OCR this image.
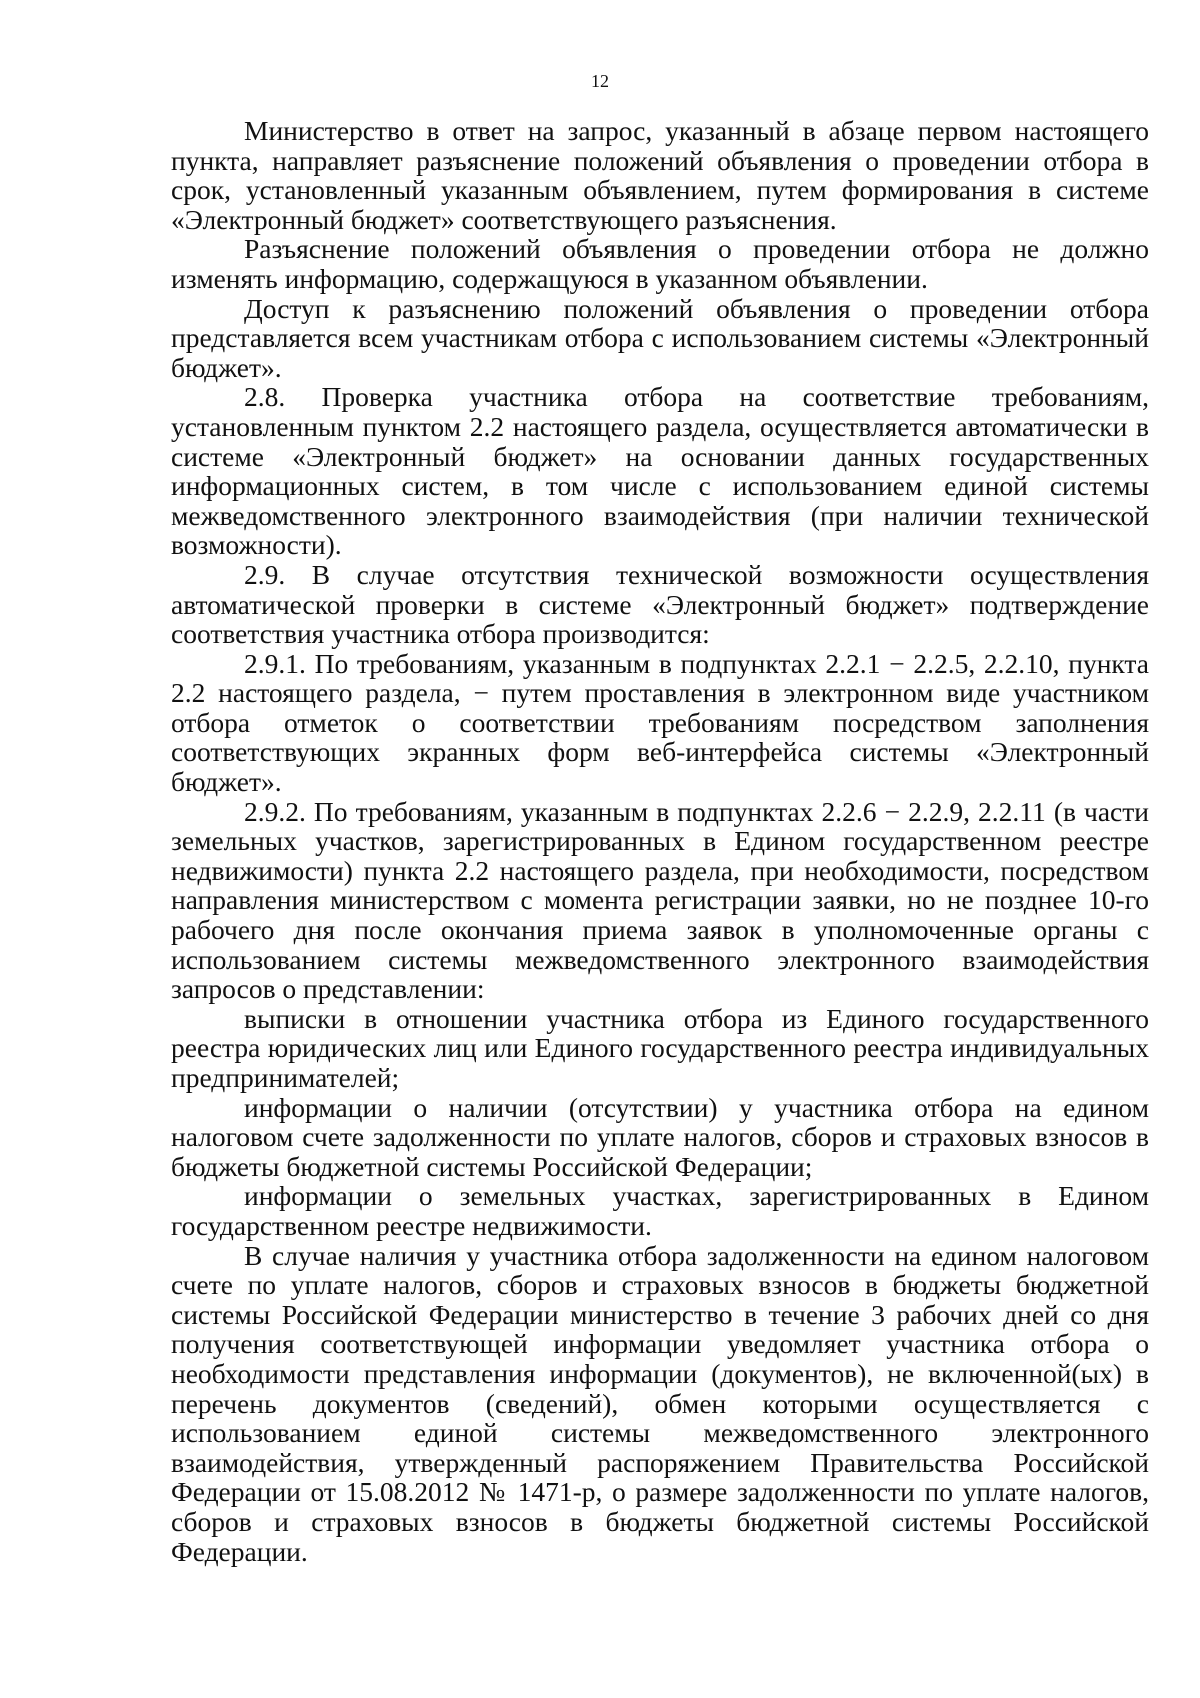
12

Министерство в ответ на запрос, указанный в абзаце первом настоящего пункта, направляет разъяснение положений объявления о проведении отбора в срок, установленный указанным объявлением, путем формирования в системе «Электронный бюджет» соответствующего разъяснения.

Разъяснение положений объявления о проведении отбора не должно изменять информацию, содержащуюся в указанном объявлении.

Доступ к разъяснению положений объявления о проведении отбора представляется всем участникам отбора с использованием системы «Электронный бюджет».

2.8. Проверка участника отбора на соответствие требованиям, установленным пунктом 2.2 настоящего раздела, осуществляется автоматически в системе «Электронный бюджет» на основании данных государственных информационных систем, в том числе с использованием единой системы межведомственного электронного взаимодействия (при наличии технической возможности).

2.9. В случае отсутствия технической возможности осуществления автоматической проверки в системе «Электронный бюджет» подтверждение соответствия участника отбора производится:

2.9.1. По требованиям, указанным в подпунктах 2.2.1 − 2.2.5, 2.2.10, пункта 2.2 настоящего раздела, − путем проставления в электронном виде участником отбора отметок о соответствии требованиям посредством заполнения соответствующих экранных форм веб-интерфейса системы «Электронный бюджет».

2.9.2. По требованиям, указанным в подпунктах 2.2.6 − 2.2.9, 2.2.11 (в части земельных участков, зарегистрированных в Едином государственном реестре недвижимости) пункта 2.2 настоящего раздела, при необходимости, посредством направления министерством с момента регистрации заявки, но не позднее 10-го рабочего дня после окончания приема заявок в уполномоченные органы с использованием системы межведомственного электронного взаимодействия запросов о представлении:

выписки в отношении участника отбора из Единого государственного реестра юридических лиц или Единого государственного реестра индивидуальных предпринимателей;

информации о наличии (отсутствии) у участника отбора на едином налоговом счете задолженности по уплате налогов, сборов и страховых взносов в бюджеты бюджетной системы Российской Федерации;

информации о земельных участках, зарегистрированных в Едином государственном реестре недвижимости.

В случае наличия у участника отбора задолженности на едином налоговом счете по уплате налогов, сборов и страховых взносов в бюджеты бюджетной системы Российской Федерации министерство в течение 3 рабочих дней со дня получения соответствующей информации уведомляет участника отбора о необходимости представления информации (документов), не включенной(ых) в перечень документов (сведений), обмен которыми осуществляется с использованием единой системы межведомственного электронного взаимодействия, утвержденный распоряжением Правительства Российской Федерации от 15.08.2012 № 1471-р, о размере задолженности по уплате налогов, сборов и страховых взносов в бюджеты бюджетной системы Российской Федерации.
